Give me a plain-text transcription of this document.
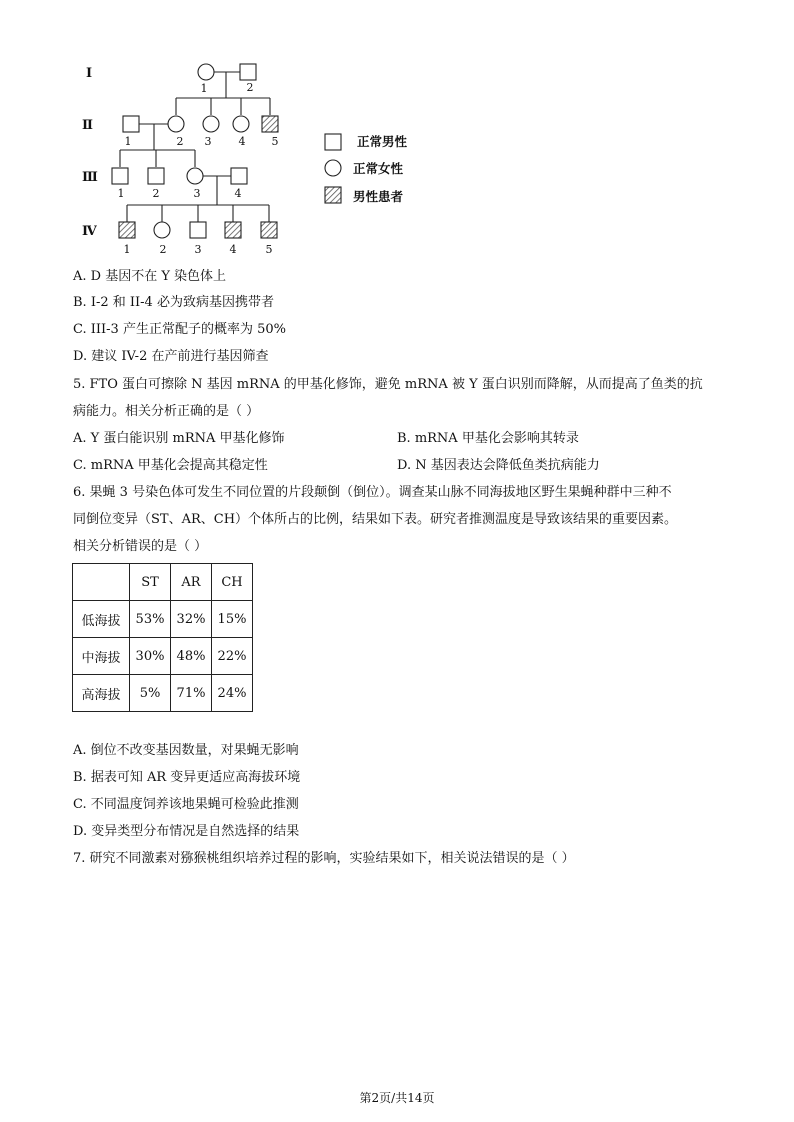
I
Ⅱ
Ⅲ
Ⅳ
1	2
1	2 3 4 5
1	2	3	4
1	2	3	4	5
正常男性
正常女性
男性患者
A. D 基因不在 Y 染色体上
B. I-2 和 II-4 必为致病基因携带者
C. III-3 产生正常配子的概率为 50%
D. 建议 IV-2 在产前进行基因筛查
5. FTO 蛋白可擦除 N 基因 mRNA 的甲基化修饰，避免 mRNA 被 Y 蛋白识别而降解，从而提高了鱼类的抗
病能力。相关分析正确的是（ ）
A. Y 蛋白能识别 mRNA 甲基化修饰	B. mRNA 甲基化会影响其转录
C. mRNA 甲基化会提高其稳定性	D. N 基因表达会降低鱼类抗病能力
6. 果蝇 3 号染色体可发生不同位置的片段颠倒（倒位）。调查某山脉不同海拔地区野生果蝇种群中三种不
同倒位变异（ST、AR、CH）个体所占的比例，结果如下表。研究者推测温度是导致该结果的重要因素。
相关分析错误的是（ ）
	ST	AR	CH
低海拔	53%	32%	15%
中海拔	30%	48%	22%
高海拔	5%	71%	24%
A. 倒位不改变基因数量，对果蝇无影响
B. 据表可知 AR 变异更适应高海拔环境
C. 不同温度饲养该地果蝇可检验此推测
D. 变异类型分布情况是自然选择的结果
7. 研究不同激素对猕猴桃组织培养过程的影响，实验结果如下，相关说法错误的是（ ）
第2页/共14页
